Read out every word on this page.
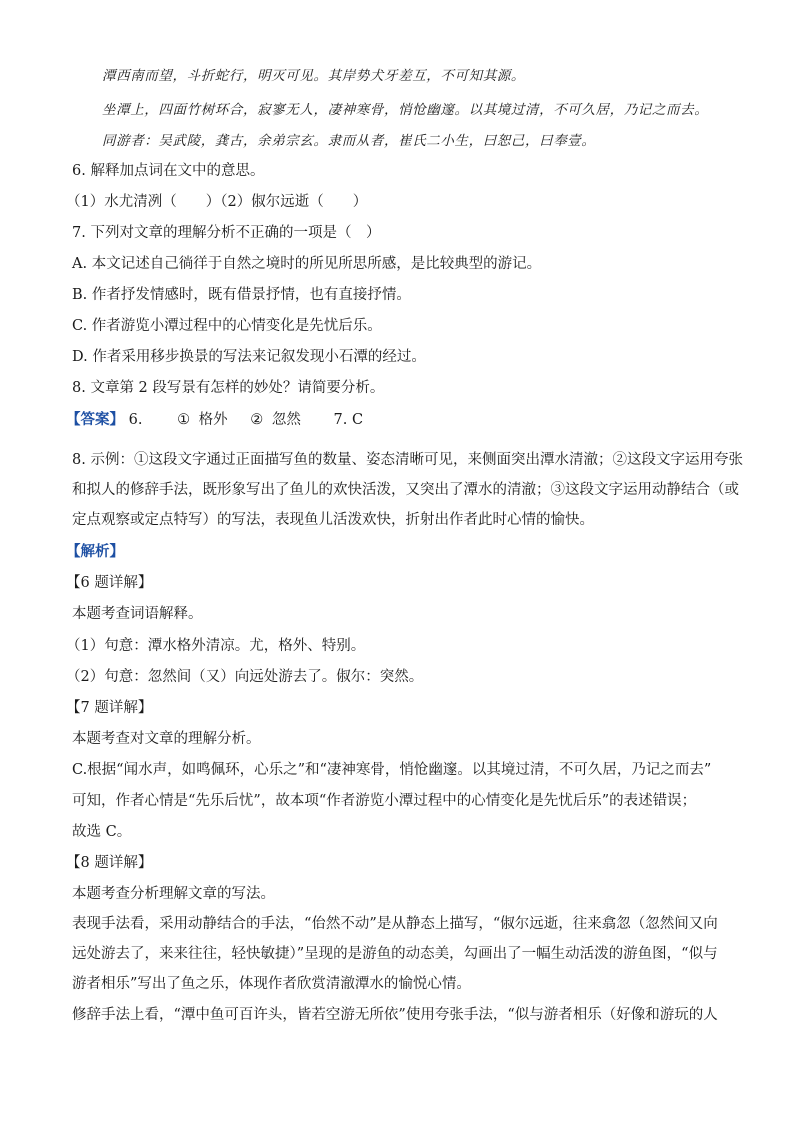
潭西南而望，斗折蛇行，明灭可见。其岸势犬牙差互，不可知其源。
坐潭上，四面竹树环合，寂寥无人，凄神寒骨，悄怆幽邃。以其境过清，不可久居，乃记之而去。
同游者：吴武陵，龚古，余弟宗玄。隶而从者，崔氏二小生，曰恕己，曰奉壹。
6. 解释加点词在文中的意思。
（1）水尤清冽（　　）（2）俶尔远逝（　　）
7. 下列对文章的理解分析不正确的一项是（　）
A. 本文记述自己徜徉于自然之境时的所见所思所感，是比较典型的游记。
B. 作者抒发情感时，既有借景抒情，也有直接抒情。
C. 作者游览小潭过程中的心情变化是先忧后乐。
D. 作者采用移步换景的写法来记叙发现小石潭的经过。
8. 文章第 2 段写景有怎样的妙处？请简要分析。
【答案】 6. ① 格外 ② 忽然 7. C
8. 示例：①这段文字通过正面描写鱼的数量、姿态清晰可见，来侧面突出潭水清澈；②这段文字运用夸张
和拟人的修辞手法，既形象写出了鱼儿的欢快活泼，又突出了潭水的清澈；③这段文字运用动静结合（或
定点观察或定点特写）的写法，表现鱼儿活泼欢快，折射出作者此时心情的愉快。
【解析】
【6 题详解】
本题考查词语解释。
（1）句意：潭水格外清凉。尤，格外、特别。
（2）句意：忽然间（又）向远处游去了。俶尔：突然。
【7 题详解】
本题考查对文章的理解分析。
C.根据“闻水声，如鸣佩环，心乐之”和“凄神寒骨，悄怆幽邃。以其境过清，不可久居，乃记之而去”
可知，作者心情是“先乐后忧”，故本项“作者游览小潭过程中的心情变化是先忧后乐”的表述错误；
故选 C。
【8 题详解】
本题考查分析理解文章的写法。
表现手法看，采用动静结合的手法，“佁然不动”是从静态上描写，“俶尔远逝，往来翕忽（忽然间又向
远处游去了，来来往往，轻快敏捷）”呈现的是游鱼的动态美，勾画出了一幅生动活泼的游鱼图，“似与
游者相乐”写出了鱼之乐，体现作者欣赏清澈潭水的愉悦心情。
修辞手法上看，“潭中鱼可百许头，皆若空游无所依”使用夸张手法，“似与游者相乐（好像和游玩的人
